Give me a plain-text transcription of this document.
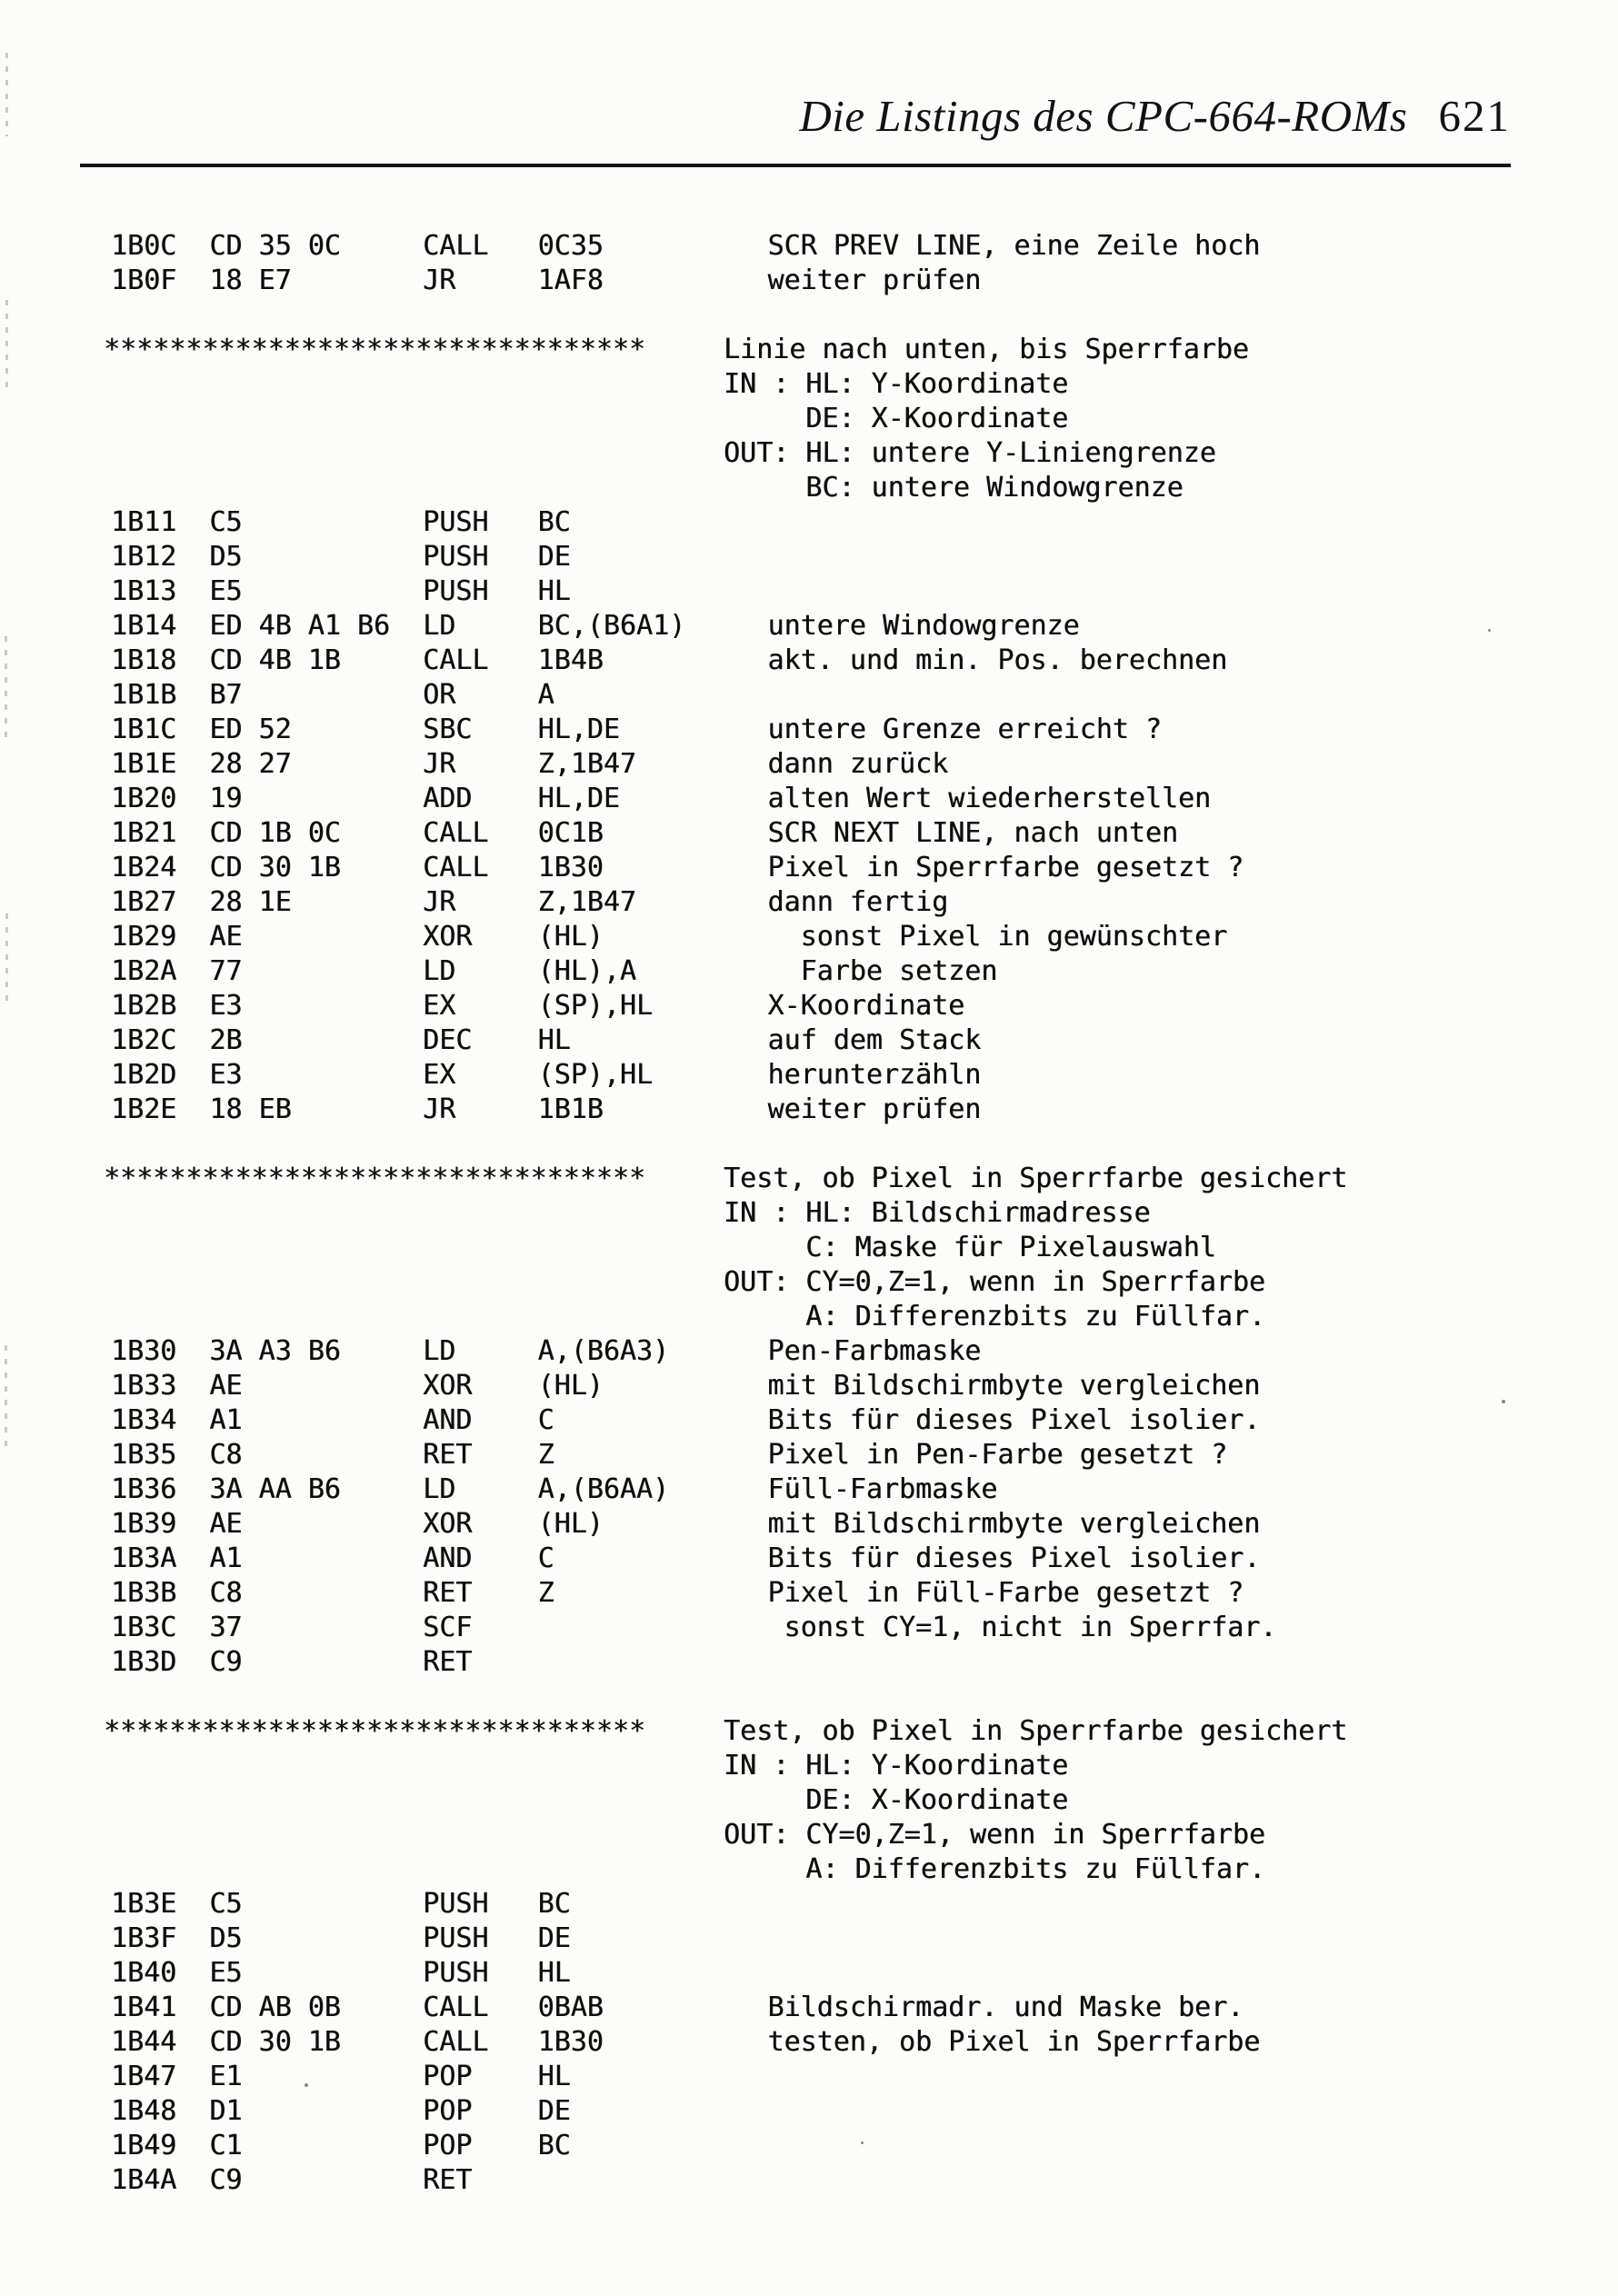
Die Listings des CPC-664-ROMs 621
1B0C  CD 35 0C     CALL   0C35          SCR PREV LINE, eine Zeile hoch
1B0F  18 E7        JR     1AF8          weiter prüfen
*********************************	Linie nach unten, bis Sperrfarbe
IN : HL: Y-Koordinate
DE: X-Koordinate
OUT: HL: untere Y-Liniengrenze
BC: untere Windowgrenze
1B11  C5           PUSH   BC
1B12  D5           PUSH   DE
1B13  E5           PUSH   HL
1B14  ED 4B A1 B6  LD     BC,(B6A1)     untere Windowgrenze
1B18  CD 4B 1B     CALL   1B4B          akt. und min. Pos. berechnen
1B1B  B7           OR     A
1B1C  ED 52        SBC    HL,DE         untere Grenze erreicht ?
1B1E  28 27        JR     Z,1B47        dann zurück
1B20  19           ADD    HL,DE         alten Wert wiederherstellen
1B21  CD 1B 0C     CALL   0C1B          SCR NEXT LINE, nach unten
1B24  CD 30 1B     CALL   1B30          Pixel in Sperrfarbe gesetzt ?
1B27  28 1E        JR     Z,1B47        dann fertig
1B29  AE           XOR    (HL)            sonst Pixel in gewünschter
1B2A  77           LD     (HL),A          Farbe setzen
1B2B  E3           EX     (SP),HL       X-Koordinate
1B2C  2B           DEC    HL            auf dem Stack
1B2D  E3           EX     (SP),HL       herunterzähln
1B2E  18 EB        JR     1B1B          weiter prüfen
*********************************	Test, ob Pixel in Sperrfarbe gesichert
IN : HL: Bildschirmadresse
C: Maske für Pixelauswahl
OUT: CY=0,Z=1, wenn in Sperrfarbe
A: Differenzbits zu Füllfar.
1B30  3A A3 B6     LD     A,(B6A3)      Pen-Farbmaske
1B33  AE           XOR    (HL)          mit Bildschirmbyte vergleichen
1B34  A1           AND    C             Bits für dieses Pixel isolier.
1B35  C8           RET    Z             Pixel in Pen-Farbe gesetzt ?
1B36  3A AA B6     LD     A,(B6AA)      Füll-Farbmaske
1B39  AE           XOR    (HL)          mit Bildschirmbyte vergleichen
1B3A  A1           AND    C             Bits für dieses Pixel isolier.
1B3B  C8           RET    Z             Pixel in Füll-Farbe gesetzt ?
1B3C  37           SCF                   sonst CY=1, nicht in Sperrfar.
1B3D  C9           RET
*********************************	Test, ob Pixel in Sperrfarbe gesichert
IN : HL: Y-Koordinate
DE: X-Koordinate
OUT: CY=0,Z=1, wenn in Sperrfarbe
A: Differenzbits zu Füllfar.
1B3E  C5           PUSH   BC
1B3F  D5           PUSH   DE
1B40  E5           PUSH   HL
1B41  CD AB 0B     CALL   0BAB          Bildschirmadr. und Maske ber.
1B44  CD 30 1B     CALL   1B30          testen, ob Pixel in Sperrfarbe
1B47  E1           POP    HL
1B48  D1           POP    DE
1B49  C1           POP    BC
1B4A  C9           RET
